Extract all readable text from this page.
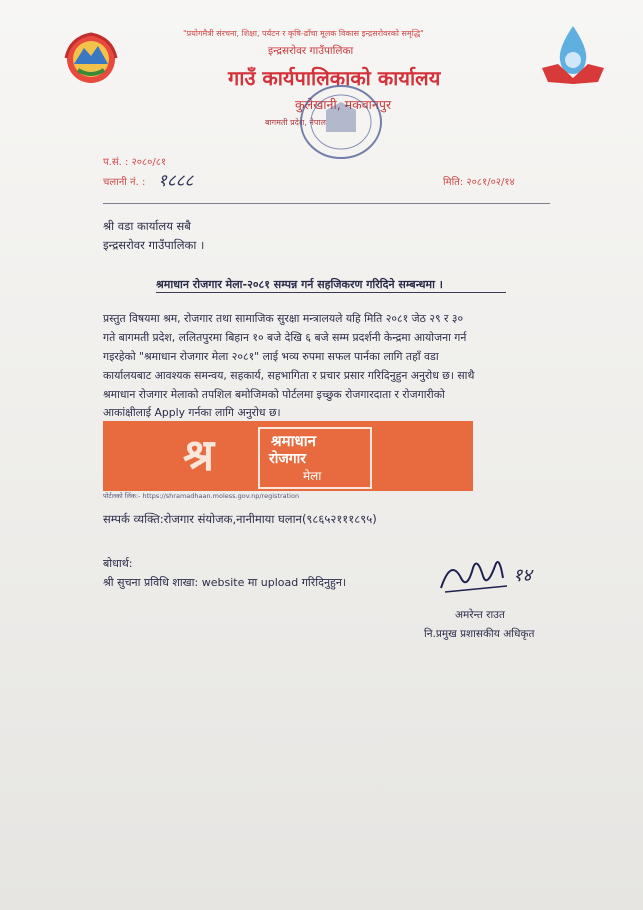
"प्रयोगमैत्री संरचना, शिक्षा, पर्यटन र कृषि-ढाँचा मूलक विकास इन्द्रसरोवरको समृद्धि"
इन्द्रसरोवर गाउँपालिका
गाउँ कार्यपालिकाको कार्यालय
कुलेखानी, मकवानपुर
बागमती प्रदेश, नेपाल
प.सं. : २०८०/८१
चलानी नं. : १८८८	मिति: २०८१/०२/१४
श्री वडा कार्यालय सबै
इन्द्रसरोवर गाउँपालिका ।
श्रमाधान रोजगार मेला-२०८१ सम्पन्न गर्न सहजिकरण गरिदिने सम्बन्धमा ।
प्रस्तुत विषयमा श्रम, रोजगार तथा सामाजिक सुरक्षा मन्त्रालयले यहि मिति २०८१ जेठ २९ र ३०
गते बागमती प्रदेश, ललितपुरमा बिहान १० बजे देखि ६ बजे सम्म प्रदर्शनी केन्द्रमा आयोजना गर्न
गइरहेको "श्रमाधान रोजगार मेला २०८१" लाई भव्य रुपमा सफल पार्नका लागि तहाँ वडा
कार्यालयबाट आवश्यक समन्वय, सहकार्य, सहभागिता र प्रचार प्रसार गरिदिनुहुन अनुरोध छ। साथै
श्रमाधान रोजगार मेलाको तपशिल बमोजिमको पोर्टलमा इच्छुक रोजगारदाता र रोजगारीको
आकांक्षीलाई Apply गर्नका लागि अनुरोध छ।
श्र	श्रमाधान
रोजगार
मेला
पोर्टलको लिंक:- https://shramadhaan.moless.gov.np/registration
सम्पर्क व्यक्ति:रोजगार संयोजक,नानीमाया घलान(९८६५२१११८९५)
बोधार्थ:
श्री सुचना प्रविधि शाखा: website मा upload गरिदिनुहुन।	१४
अमरेन्त राउत
नि.प्रमुख प्रशासकीय अधिकृत
